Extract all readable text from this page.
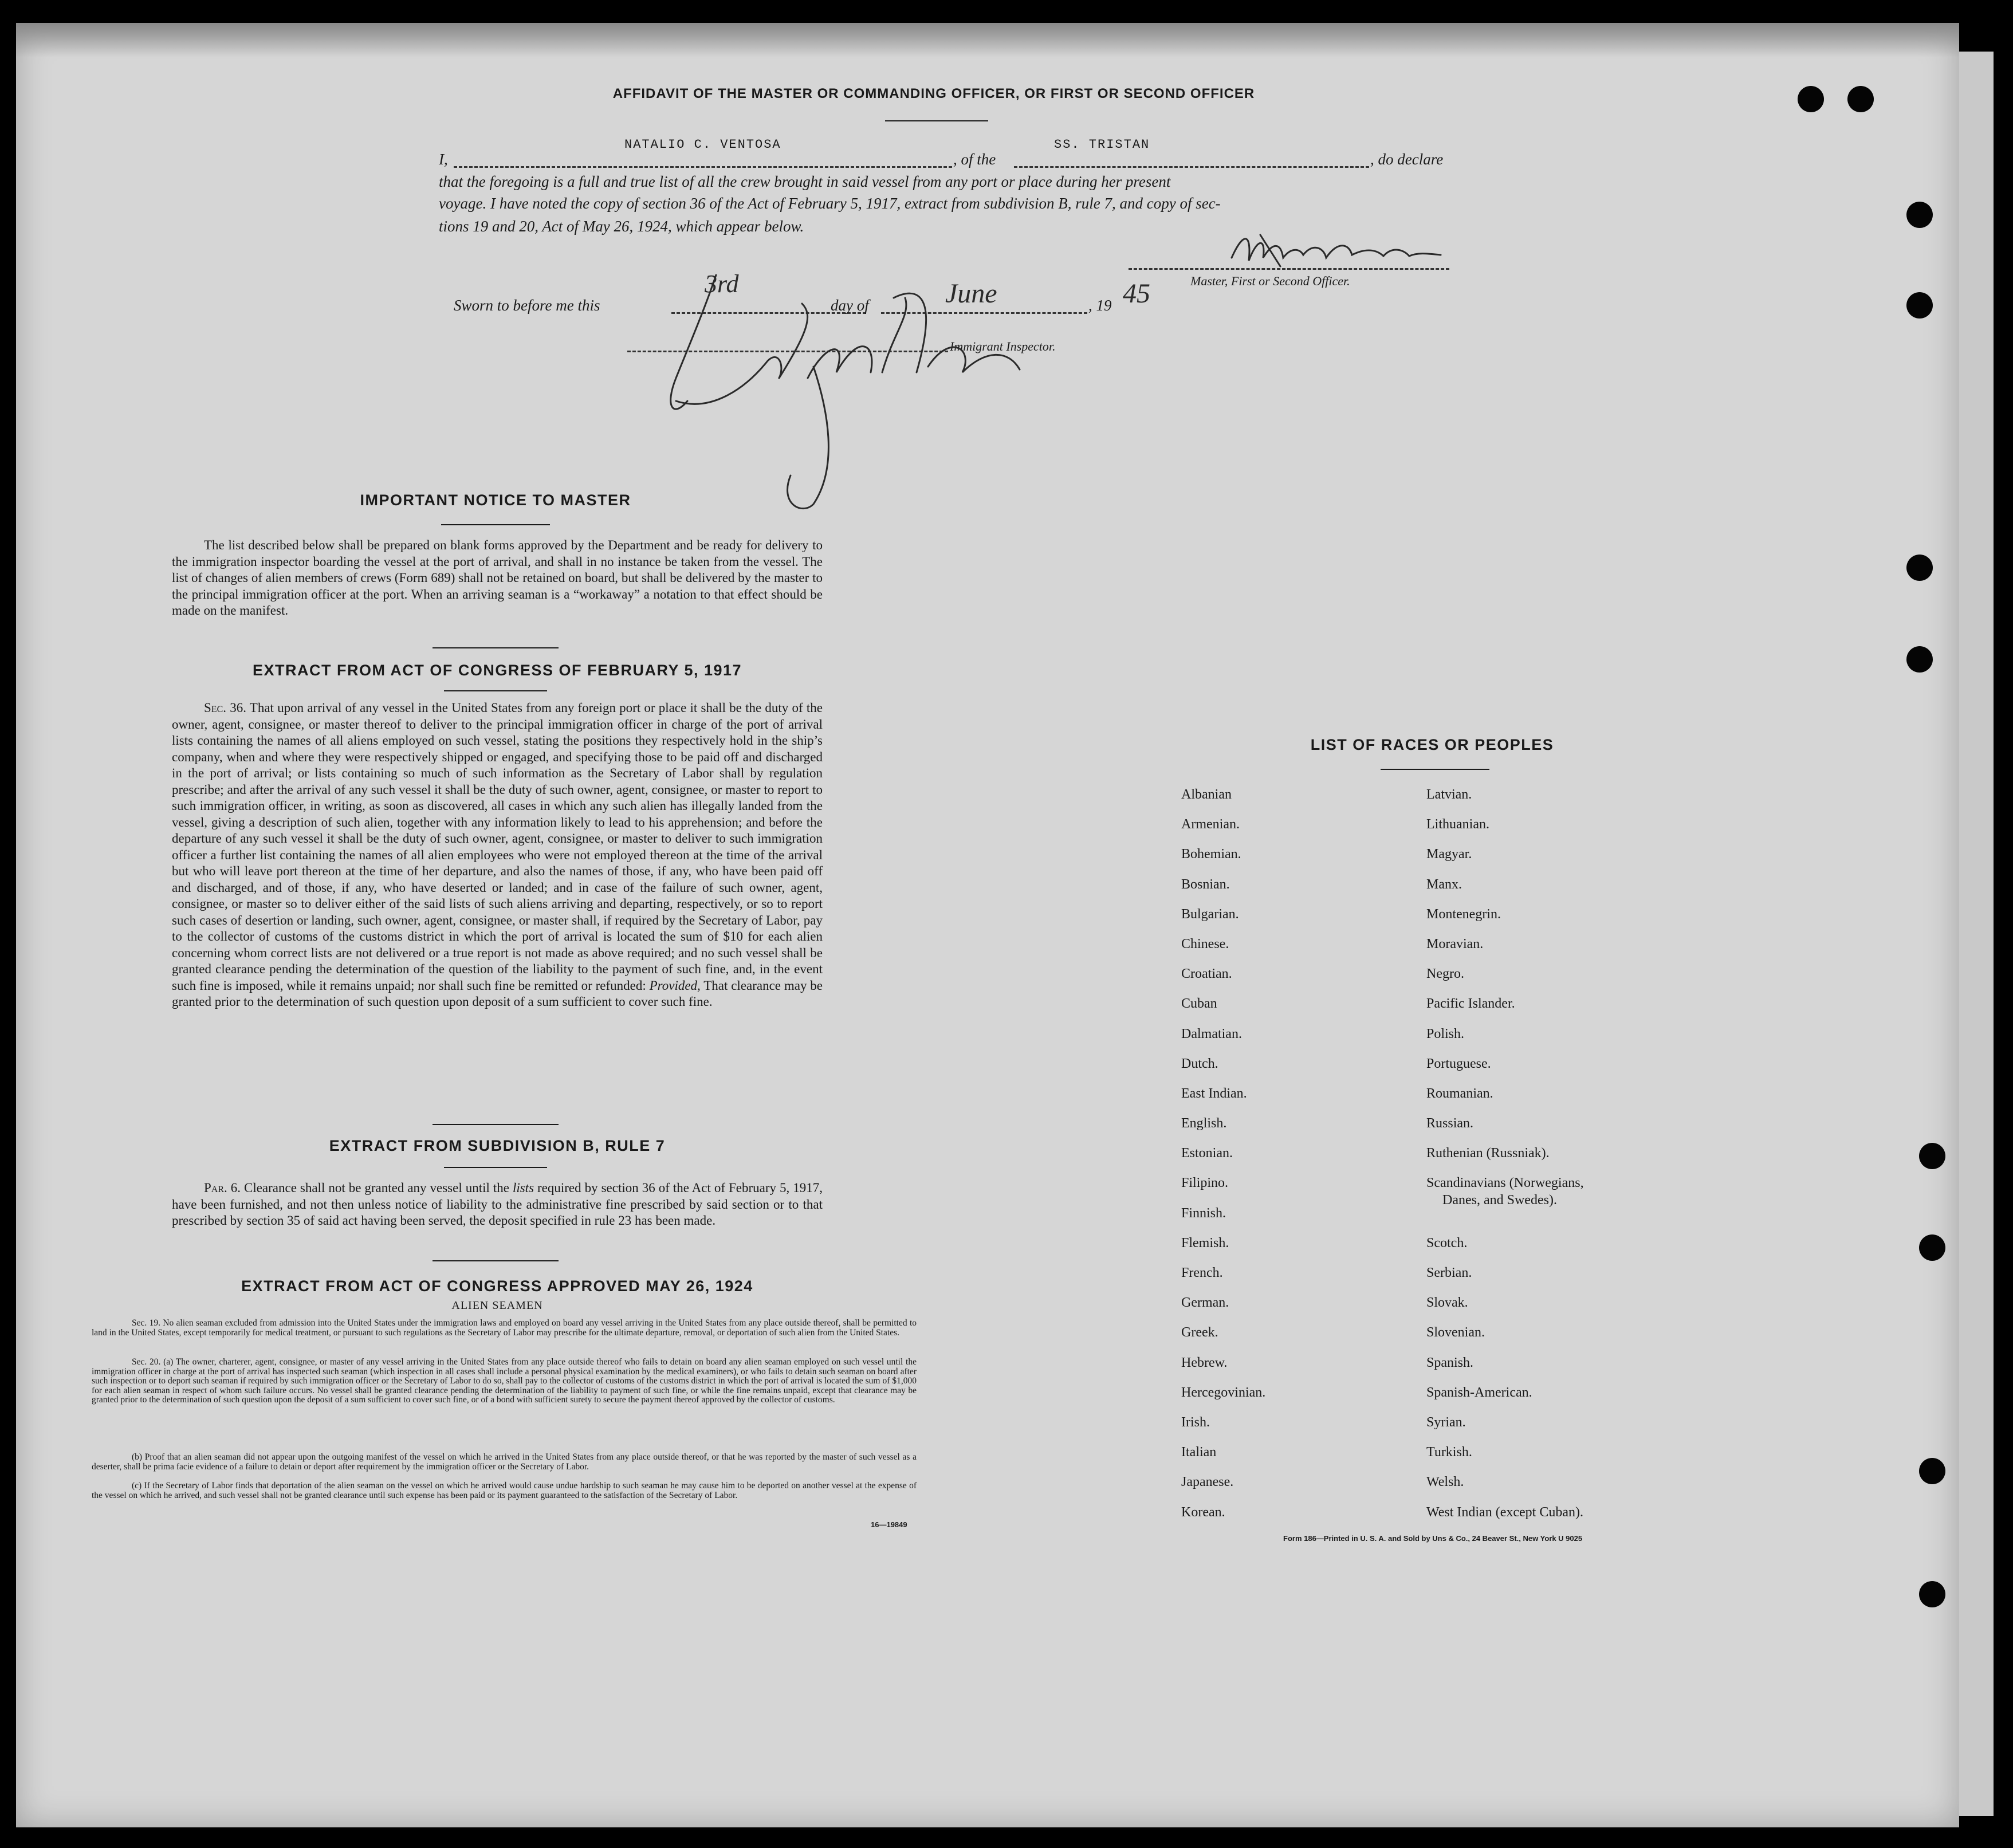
AFFIDAVIT OF THE MASTER OR COMMANDING OFFICER, OR FIRST OR SECOND OFFICER
I,
NATALIO C. VENTOSA
, of the
SS. TRISTAN
, do declare
that the foregoing is a full and true list of all the crew brought in said vessel from any port or place during her present
voyage. I have noted the copy of section 36 of the Act of February 5, 1917, extract from subdivision B, rule 7, and copy of sec-
tions 19 and 20, Act of May 26, 1924, which appear below.
Master, First or Second Officer.
Sworn to before me this
3rd
day of	June	, 19 45
Immigrant Inspector.
IMPORTANT NOTICE TO MASTER
The list described below shall be prepared on blank forms approved by the Department and be ready for delivery to the immigration inspector boarding the vessel at the port of arrival, and shall in no instance be taken from the vessel. The list of changes of alien members of crews (Form 689) shall not be retained on board, but shall be delivered by the master to the principal immigration officer at the port. When an arriving seaman is a “workaway” a notation to that effect should be made on the manifest.
EXTRACT FROM ACT OF CONGRESS OF FEBRUARY 5, 1917
Sec. 36. That upon arrival of any vessel in the United States from any foreign port or place it shall be the duty of the owner, agent, consignee, or master thereof to deliver to the principal immigration officer in charge of the port of arrival lists containing the names of all aliens employed on such vessel, stating the positions they respectively hold in the ship’s company, when and where they were respectively shipped or engaged, and specifying those to be paid off and discharged in the port of arrival; or lists containing so much of such information as the Secretary of Labor shall by regulation prescribe; and after the arrival of any such vessel it shall be the duty of such owner, agent, consignee, or master to report to such immigration officer, in writing, as soon as discovered, all cases in which any such alien has illegally landed from the vessel, giving a description of such alien, together with any information likely to lead to his apprehension; and before the departure of any such vessel it shall be the duty of such owner, agent, consignee, or master to deliver to such immigration officer a further list containing the names of all alien employees who were not employed thereon at the time of the arrival but who will leave port thereon at the time of her departure, and also the names of those, if any, who have been paid off and discharged, and of those, if any, who have deserted or landed; and in case of the failure of such owner, agent, consignee, or master so to deliver either of the said lists of such aliens arriving and departing, respectively, or so to report such cases of desertion or landing, such owner, agent, consignee, or master shall, if required by the Secretary of Labor, pay to the collector of customs of the customs district in which the port of arrival is located the sum of $10 for each alien concerning whom correct lists are not delivered or a true report is not made as above required; and no such vessel shall be granted clearance pending the determination of the question of the liability to the payment of such fine, and, in the event such fine is imposed, while it remains unpaid; nor shall such fine be remitted or refunded: Provided, That clearance may be granted prior to the determination of such question upon deposit of a sum sufficient to cover such fine.
EXTRACT FROM SUBDIVISION B, RULE 7
Par. 6. Clearance shall not be granted any vessel until the lists required by section 36 of the Act of February 5, 1917, have been furnished, and not then unless notice of liability to the administrative fine prescribed by said section or to that prescribed by section 35 of said act having been served, the deposit specified in rule 23 has been made.
EXTRACT FROM ACT OF CONGRESS APPROVED MAY 26, 1924
ALIEN SEAMEN
Sec. 19. No alien seaman excluded from admission into the United States under the immigration laws and employed on board any vessel arriving in the United States from any place outside thereof, shall be permitted to land in the United States, except temporarily for medical treatment, or pursuant to such regulations as the Secretary of Labor may prescribe for the ultimate departure, removal, or deportation of such alien from the United States.
Sec. 20. (a) The owner, charterer, agent, consignee, or master of any vessel arriving in the United States from any place outside thereof who fails to detain on board any alien seaman employed on such vessel until the immigration officer in charge at the port of arrival has inspected such seaman (which inspection in all cases shall include a personal physical examination by the medical examiners), or who fails to detain such seaman on board after such inspection or to deport such seaman if required by such immigration officer or the Secretary of Labor to do so, shall pay to the collector of customs of the customs district in which the port of arrival is located the sum of $1,000 for each alien seaman in respect of whom such failure occurs. No vessel shall be granted clearance pending the determination of the liability to payment of such fine, or while the fine remains unpaid, except that clearance may be granted prior to the determination of such question upon the deposit of a sum sufficient to cover such fine, or of a bond with sufficient surety to secure the payment thereof approved by the collector of customs.
(b) Proof that an alien seaman did not appear upon the outgoing manifest of the vessel on which he arrived in the United States from any place outside thereof, or that he was reported by the master of such vessel as a deserter, shall be prima facie evidence of a failure to detain or deport after requirement by the immigration officer or the Secretary of Labor.
(c) If the Secretary of Labor finds that deportation of the alien seaman on the vessel on which he arrived would cause undue hardship to such seaman he may cause him to be deported on another vessel at the expense of the vessel on which he arrived, and such vessel shall not be granted clearance until such expense has been paid or its payment guaranteed to the satisfaction of the Secretary of Labor.
16—19849
LIST OF RACES OR PEOPLES
Albanian
Armenian.
Bohemian.
Bosnian.
Bulgarian.
Chinese.
Croatian.
Cuban
Dalmatian.
Dutch.
East Indian.
English.
Estonian.
Filipino.
Finnish.
Flemish.
French.
German.
Greek.
Hebrew.
Hercegovinian.
Irish.
Italian
Japanese.
Korean.
Latvian.
Lithuanian.
Magyar.
Manx.
Montenegrin.
Moravian.
Negro.
Pacific Islander.
Polish.
Portuguese.
Roumanian.
Russian.
Ruthenian (Russniak).
Scandinavians (Norwegians,
Danes, and Swedes).
Scotch.
Serbian.
Slovak.
Slovenian.
Spanish.
Spanish-American.
Syrian.
Turkish.
Welsh.
West Indian (except Cuban).
Form 186—Printed in U. S. A. and Sold by Uns & Co., 24 Beaver St., New York U 9025
